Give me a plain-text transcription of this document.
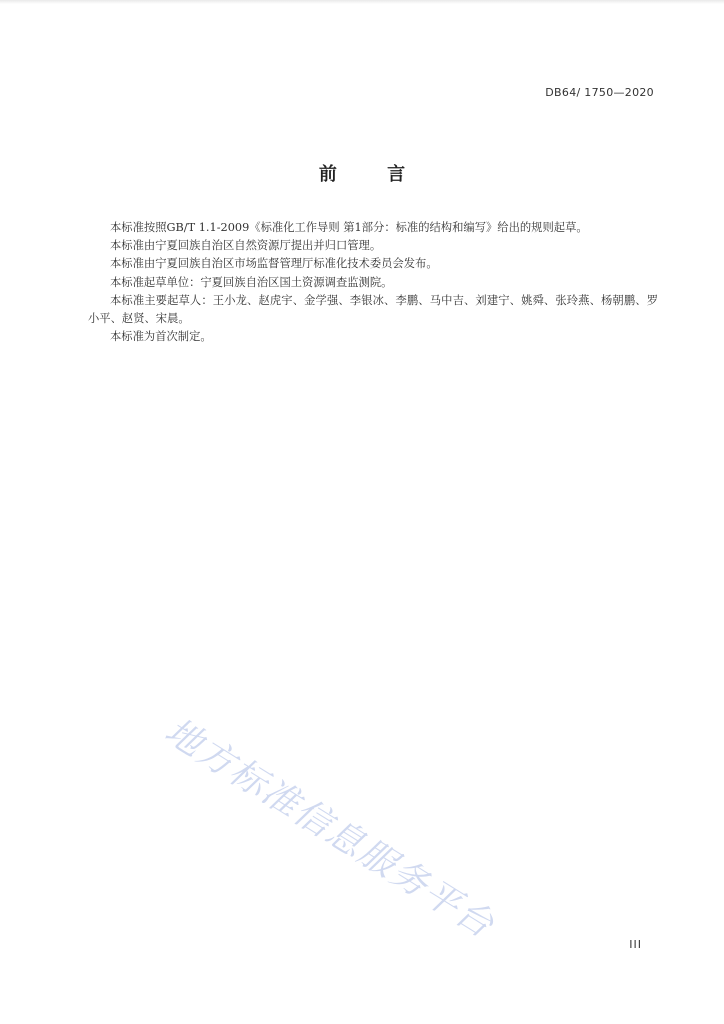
DB64/ 1750—2020
前 言

本标准按照GB/T 1.1-2009《标准化工作导则 第1部分：标准的结构和编写》给出的规则起草。

本标准由宁夏回族自治区自然资源厅提出并归口管理。

本标准由宁夏回族自治区市场监督管理厅标准化技术委员会发布。

本标准起草单位：宁夏回族自治区国土资源调查监测院。

本标准主要起草人：王小龙、赵虎宇、金学强、李银冰、李鹏、马中吉、刘建宁、姚舜、张玲燕、杨朝鹏、罗小平、赵贤、宋晨。

本标准为首次制定。

地方标准信息服务平台	III
